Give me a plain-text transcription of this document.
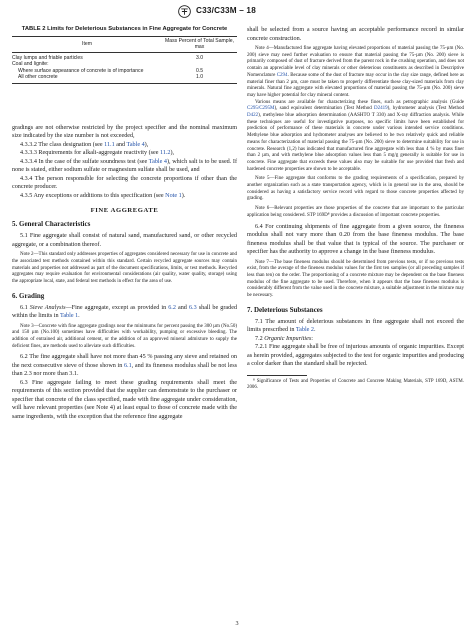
C33/C33M – 18
TABLE 2 Limits for Deleterious Substances in Fine Aggregate for Concrete
Item	Mass Percent of Total Sample, max
Clay lumps and friable particles	3.0
Coal and lignite:	
Where surface appearance of concrete is of importance	0.5
All other concrete	1.0

gradings are not otherwise restricted by the project specifier and the nominal maximum size indicated by the size number is not exceeded,

4.3.3.2 The class designation (see 11.1 and Table 4),

4.3.3.3 Requirements for alkali-aggregate reactivity (see 11.2),

4.3.3.4 In the case of the sulfate soundness test (see Table 4), which salt is to be used. If none is stated, either sodium sulfate or magnesium sulfate shall be used, and

4.3.4 The person responsible for selecting the concrete proportions if other than the concrete producer.

4.3.5 Any exceptions or additions to this specification (see Note 1).

FINE AGGREGATE
5. General Characteristics

5.1 Fine aggregate shall consist of natural sand, manufactured sand, or other recycled aggregate, or a combination thereof.

Note 2—This standard only addresses properties of aggregates considered necessary for use in concrete and the associated test methods contained within this standard. Certain recycled aggregate sources may contain materials and properties not addressed as part of the document specifications, limits, or test methods. Recycled aggregates may require evaluation for environmental considerations (air quality, water quality, storage) using the appropriate local, state, and federal test methods in effect for the area of use.

6. Grading

6.1 Sieve Analysis—Fine aggregate, except as provided in 6.2 and 6.3 shall be graded within the limits in Table 1.

Note 3—Concrete with fine aggregate gradings near the minimums for percent passing the 300 µm (No.50) and 150 µm (No.100) sometimes have difficulties with workability, pumping or excessive bleeding. The addition of entrained air, additional cement, or the addition of an approved mineral admixture to supply the deficient fines, are methods used to alleviate such difficulties.

6.2 The fine aggregate shall have not more than 45 % passing any sieve and retained on the next consecutive sieve of those shown in 6.1, and its fineness modulus shall be not less than 2.3 nor more than 3.1.

6.3 Fine aggregate failing to meet these grading requirements shall meet the requirements of this section provided that the supplier can demonstrate to the purchaser or specifier that concrete of the class specified, made with fine aggregate under consideration, will have relevant properties (see Note 4) at least equal to those of concrete made with the same ingredients, with the exception that the reference fine aggregate

shall be selected from a source having an acceptable performance record in similar concrete construction.

Note 4—Manufactured fine aggregate having elevated proportions of material passing the 75-µm (No. 200) sieve may need further evaluation to ensure that material passing the 75-µm (No. 200) sieve is primarily composed of dust of fracture derived from the parent rock in the crushing operation, and does not contain an appreciable level of clay minerals or other deleterious constituents as described in Descriptive Nomenclature C294. Because some of the dust of fracture may occur in the clay size range, defined here as material finer than 2 µm, care must be taken to properly differentiate these clay-sized materials from clay minerals. Natural fine aggregate with elevated proportions of material passing the 75-µm (No. 200) sieve may have higher potential for clay mineral content.

Various means are available for characterizing these fines, such as petrographic analysis (Guide C295/C295M), sand equivalent determination (Test Method D2419), hydrometer analysis (Test Method D422), methylene blue adsorption determination (AASHTO T 330) and X-ray diffraction analysis. While these techniques are useful for investigative purposes, no specific limits have been established for prediction of performance of these materials in concrete under various intended service conditions. Methylene blue adsorption and hydrometer analyses are believed to be two relatively quick and reliable means for characterization of material passing the 75-µm (No. 200) sieve to determine suitability for use in concrete. Research (1,2) has indicated that manufactured fine aggregate with less than 4 % by mass finer than 2 µm, and with methylene blue adsorption values less than 5 mg/g generally is suitable for use in concrete. Fine aggregate that exceeds these values also may be suitable for use provided that fresh and hardened concrete properties are shown to be acceptable.

Note 5—Fine aggregate that conforms to the grading requirements of a specification, prepared by another organization such as a state transportation agency, which is in general use in the area, should be considered as having a satisfactory service record with regard to those concrete properties affected by grading.

Note 6—Relevant properties are those properties of the concrete that are important to the particular application being considered. STP 169D⁸ provides a discussion of important concrete properties.

6.4 For continuing shipments of fine aggregate from a given source, the fineness modulus shall not vary more than 0.20 from the base fineness modulus. The base fineness modulus shall be that value that is typical of the source. The purchaser or specifier has the authority to approve a change in the base fineness modulus.

Note 7—The base fineness modulus should be determined from previous tests, or if no previous tests exist, from the average of the fineness modulus values for the first ten samples (or all preceding samples if less than ten) on the order. The proportioning of a concrete mixture may be dependent on the base fineness modulus of the fine aggregate to be used. Therefore, when it appears that the base fineness modulus is considerably different from the value used in the concrete mixture, a suitable adjustment in the mixture may be necessary.

7. Deleterious Substances

7.1 The amount of deleterious substances in fine aggregate shall not exceed the limits prescribed in Table 2.

7.2 Organic Impurities:

7.2.1 Fine aggregate shall be free of injurious amounts of organic impurities. Except as herein provided, aggregates subjected to the test for organic impurities and producing a color darker than the standard shall be rejected.

⁸ Significance of Tests and Properties of Concrete and Concrete Making Materials, STP 169D, ASTM. 2006.

3
